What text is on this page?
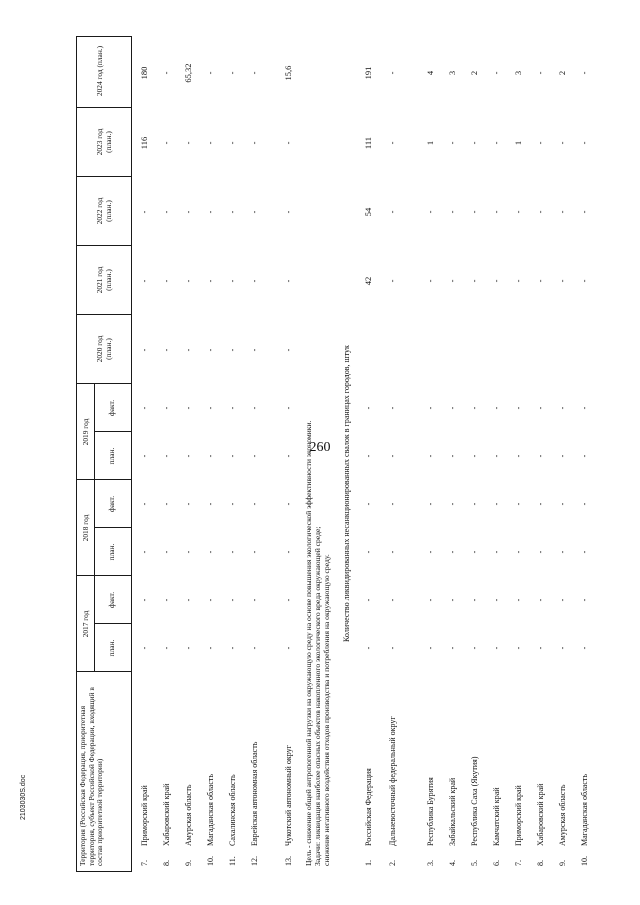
260
2103030S.doc	Территория (Российская Федерация, приоритетная территория, субъект Российской Федерации, входящий в состав приоритетной территории)
2017 год
2018 год
2019 год
план.
факт.
план.
факт.
план.
факт.
2020 год (план.)
2021 год (план.)
2022 год (план.)
2023 год (план.)
2024 год (план.)
7.
Приморский край
-
-
-
-
-
-
-
-
-
116
180
8.
Хабаровский край
-
-
-
-
-
-
-
-
-
-
-
9.
Амурская область
-
-
-
-
-
-
-
-
-
-
65,32
10.
Магаданская область
-
-
-
-
-
-
-
-
-
-
-
11.
Сахалинская область
-
-
-
-
-
-
-
-
-
-
-
12.
Еврейская автономная область
-
-
-
-
-
-
-
-
-
-
-
13.
Чукотский автономный округ
-
-
-
-
-
-
-
-
-
-
15,6
Цель - снижение общей антропогенной нагрузки на окружающую среду на основе повышения экологической эффективности экономики. Задачи: ликвидация наиболее опасных объектов накопленного экологического вреда окружающей среде; снижение негативного воздействия отходов производства и потребления на окружающую среду.
Количество ликвидированных несанкционированных свалок в границах городов, штук
1.
Российская Федерация
-
-
-
-
-
-
42
54
111
191
2.
Дальневосточный федеральный округ
-
-
-
-
-
-
-
-
-
-
3.
Республика Бурятия
-
-
-
-
-
-
-
-
1
4
4.
Забайкальский край
-
-
-
-
-
-
-
-
-
3
5.
Республика Саха (Якутия)
-
-
-
-
-
-
-
-
-
2
6.
Камчатский край
-
-
-
-
-
-
-
-
-
-
7.
Приморский край
-
-
-
-
-
-
-
-
1
3
8.
Хабаровский край
-
-
-
-
-
-
-
-
-
-
9.
Амурская область
-
-
-
-
-
-
-
-
-
2
10.
Магаданская область
-
-
-
-
-
-
-
-
-
-
